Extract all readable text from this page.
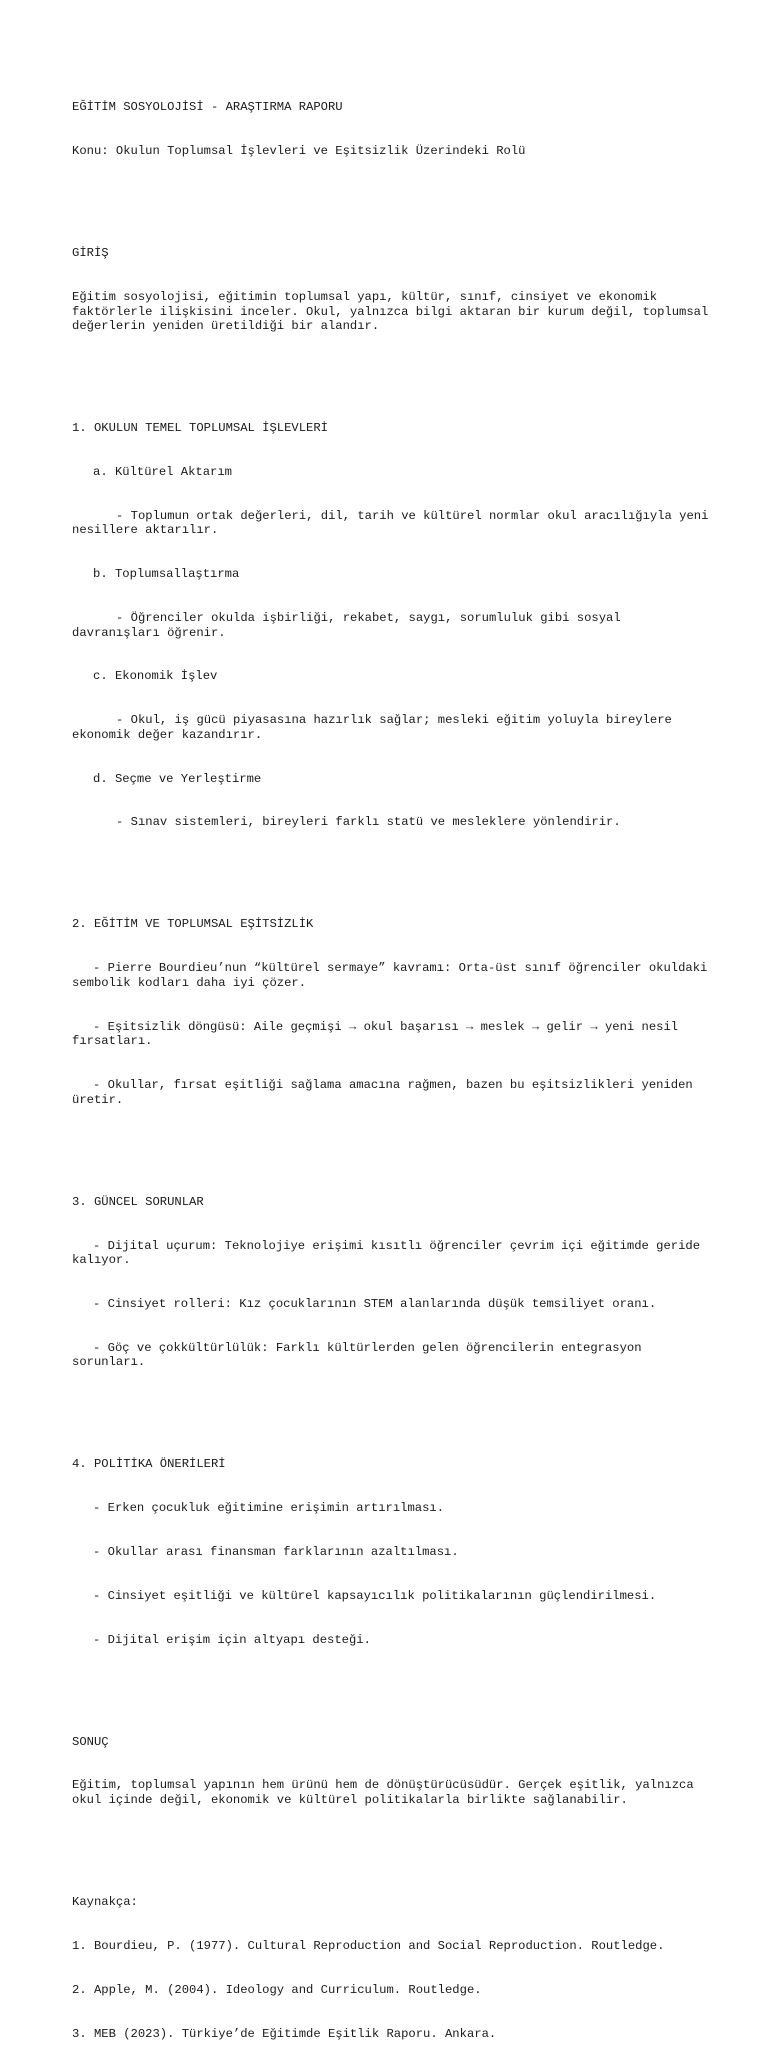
EĞİTİM SOSYOLOJİSİ - ARAŞTIRMA RAPORU

Konu: Okulun Toplumsal İşlevleri ve Eşitsizlik Üzerindeki Rolü

GİRİŞ

Eğitim sosyolojisi, eğitimin toplumsal yapı, kültür, sınıf, cinsiyet ve ekonomik faktörlerle ilişkisini inceler. Okul, yalnızca bilgi aktaran bir kurum değil, toplumsal değerlerin yeniden üretildiği bir alandır.

1. OKULUN TEMEL TOPLUMSAL İŞLEVLERİ

a. Kültürel Aktarım

- Toplumun ortak değerleri, dil, tarih ve kültürel normlar okul aracılığıyla yeni nesillere aktarılır.

b. Toplumsallaştırma

- Öğrenciler okulda işbirliği, rekabet, saygı, sorumluluk gibi sosyal davranışları öğrenir.

c. Ekonomik İşlev

- Okul, iş gücü piyasasına hazırlık sağlar; mesleki eğitim yoluyla bireylere ekonomik değer kazandırır.

d. Seçme ve Yerleştirme

- Sınav sistemleri, bireyleri farklı statü ve mesleklere yönlendirir.

2. EĞİTİM VE TOPLUMSAL EŞİTSİZLİK

- Pierre Bourdieu’nun “kültürel sermaye” kavramı: Orta-üst sınıf öğrenciler okuldaki sembolik kodları daha iyi çözer.

- Eşitsizlik döngüsü: Aile geçmişi → okul başarısı → meslek → gelir → yeni nesil fırsatları.

- Okullar, fırsat eşitliği sağlama amacına rağmen, bazen bu eşitsizlikleri yeniden üretir.

3. GÜNCEL SORUNLAR

- Dijital uçurum: Teknolojiye erişimi kısıtlı öğrenciler çevrim içi eğitimde geride kalıyor.

- Cinsiyet rolleri: Kız çocuklarının STEM alanlarında düşük temsiliyet oranı.

- Göç ve çokkültürlülük: Farklı kültürlerden gelen öğrencilerin entegrasyon sorunları.

4. POLİTİKA ÖNERİLERİ

- Erken çocukluk eğitimine erişimin artırılması.

- Okullar arası finansman farklarının azaltılması.

- Cinsiyet eşitliği ve kültürel kapsayıcılık politikalarının güçlendirilmesi.

- Dijital erişim için altyapı desteği.

SONUÇ

Eğitim, toplumsal yapının hem ürünü hem de dönüştürücüsüdür. Gerçek eşitlik, yalnızca okul içinde değil, ekonomik ve kültürel politikalarla birlikte sağlanabilir.

Kaynakça:

1. Bourdieu, P. (1977). Cultural Reproduction and Social Reproduction. Routledge.

2. Apple, M. (2004). Ideology and Curriculum. Routledge.

3. MEB (2023). Türkiye’de Eğitimde Eşitlik Raporu. Ankara.
